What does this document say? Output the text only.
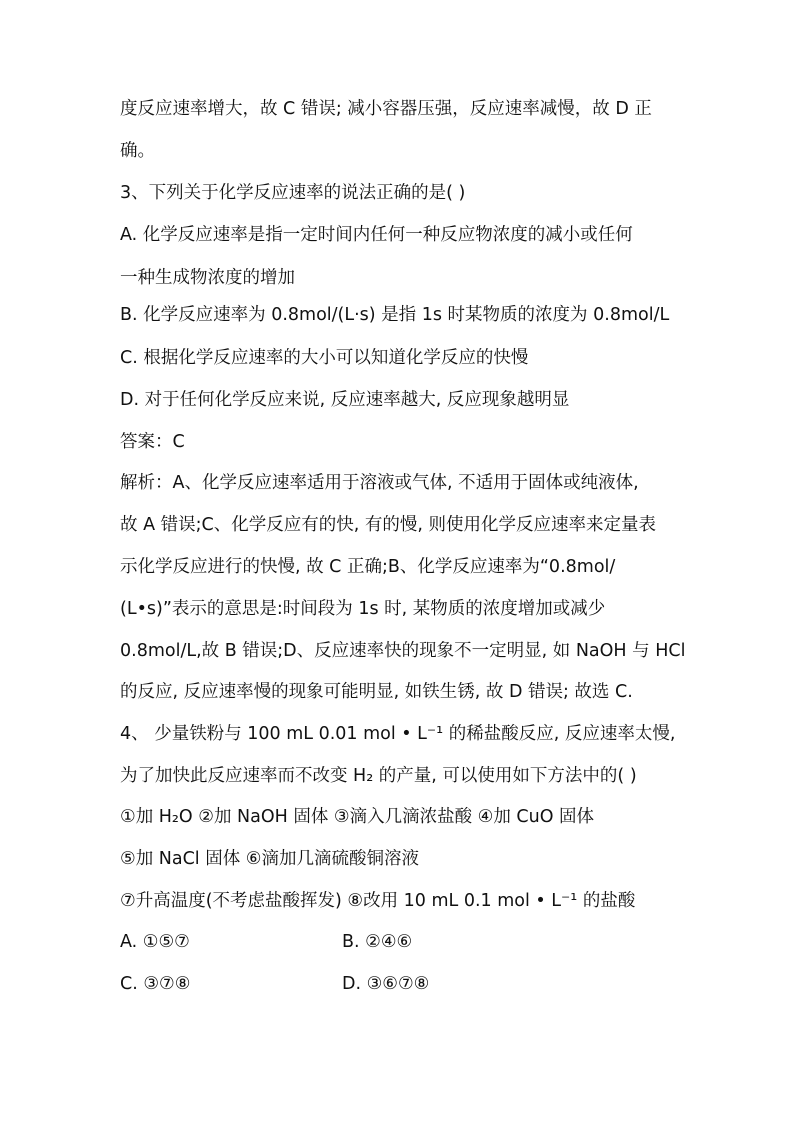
度反应速率增大，故 C 错误; 减小容器压强，反应速率减慢，故 D 正
确。
3、下列关于化学反应速率的说法正确的是( )
A. 化学反应速率是指一定时间内任何一种反应物浓度的减小或任何
一种生成物浓度的增加
B. 化学反应速率为 0.8mol/(L·s) 是指 1s 时某物质的浓度为 0.8mol/L
C. 根据化学反应速率的大小可以知道化学反应的快慢
D. 对于任何化学反应来说, 反应速率越大, 反应现象越明显
答案：C
解析：A、化学反应速率适用于溶液或气体, 不适用于固体或纯液体,
故 A 错误;C、化学反应有的快, 有的慢, 则使用化学反应速率来定量表
示化学反应进行的快慢, 故 C 正确;B、化学反应速率为“0.8mol/
(L•s)”表示的意思是:时间段为 1s 时, 某物质的浓度增加或减少
0.8mol/L,故 B 错误;D、反应速率快的现象不一定明显, 如 NaOH 与 HCl
的反应, 反应速率慢的现象可能明显, 如铁生锈, 故 D 错误; 故选 C.
4、 少量铁粉与 100 mL 0.01 mol • L⁻¹ 的稀盐酸反应, 反应速率太慢,
为了加快此反应速率而不改变 H₂ 的产量, 可以使用如下方法中的( )
①加 H₂O ②加 NaOH 固体 ③滴入几滴浓盐酸 ④加 CuO 固体
⑤加 NaCl 固体 ⑥滴加几滴硫酸铜溶液
⑦升高温度(不考虑盐酸挥发) ⑧改用 10 mL 0.1 mol • L⁻¹ 的盐酸
A. ①⑤⑦	B. ②④⑥
C. ③⑦⑧	D. ③⑥⑦⑧
